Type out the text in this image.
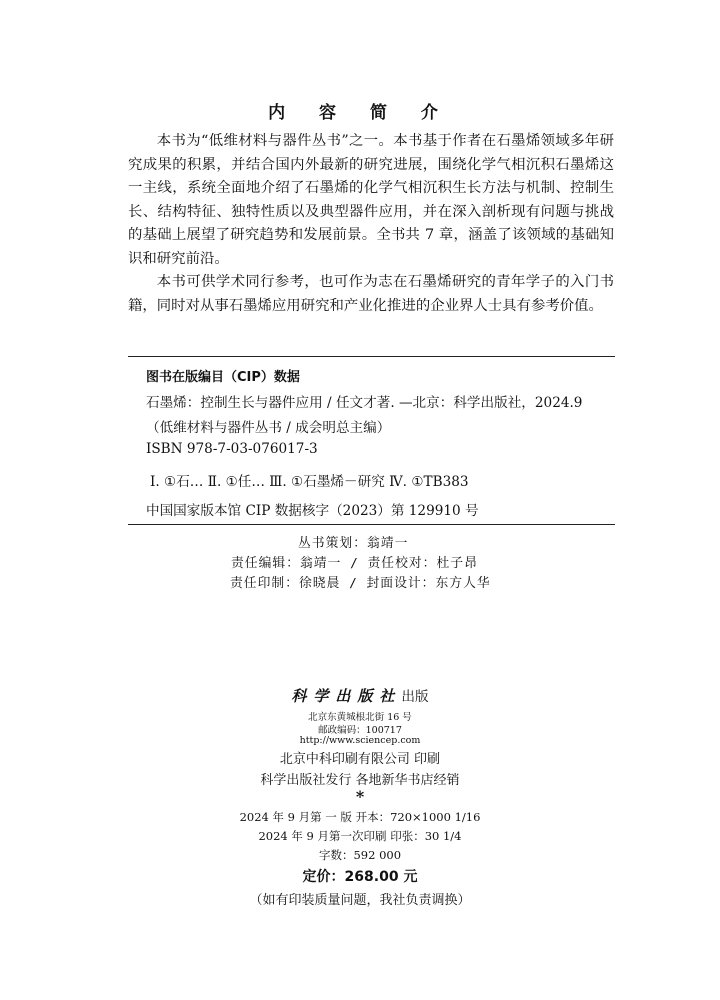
内 容 简 介

本书为“低维材料与器件丛书”之一。本书基于作者在石墨烯领域多年研究成果的积累，并结合国内外最新的研究进展，围绕化学气相沉积石墨烯这一主线，系统全面地介绍了石墨烯的化学气相沉积生长方法与机制、控制生长、结构特征、独特性质以及典型器件应用，并在深入剖析现有问题与挑战的基础上展望了研究趋势和发展前景。全书共 7 章，涵盖了该领域的基础知识和研究前沿。

本书可供学术同行参考，也可作为志在石墨烯研究的青年学子的入门书籍，同时对从事石墨烯应用研究和产业化推进的企业界人士具有参考价值。

图书在版编目（CIP）数据
石墨烯：控制生长与器件应用 / 任文才著. —北京：科学出版社，2024.9
（低维材料与器件丛书 / 成会明总主编）
ISBN 978-7-03-076017-3
Ⅰ. ①石… Ⅱ. ①任… Ⅲ. ①石墨烯－研究 Ⅳ. ①TB383
中国国家版本馆 CIP 数据核字（2023）第 129910 号
丛书策划：翁靖一
责任编辑：翁靖一 / 责任校对：杜子昂
责任印制：徐晓晨 / 封面设计：东方人华
科学出版社出版
北京东黄城根北街 16 号
邮政编码：100717
http://www.sciencep.com
北京中科印刷有限公司 印刷
科学出版社发行 各地新华书店经销
*
2024 年 9 月第 一 版 开本：720×1000 1/16
2024 年 9 月第一次印刷 印张：30 1/4
字数：592 000
定价：268.00 元
（如有印装质量问题，我社负责调换）
